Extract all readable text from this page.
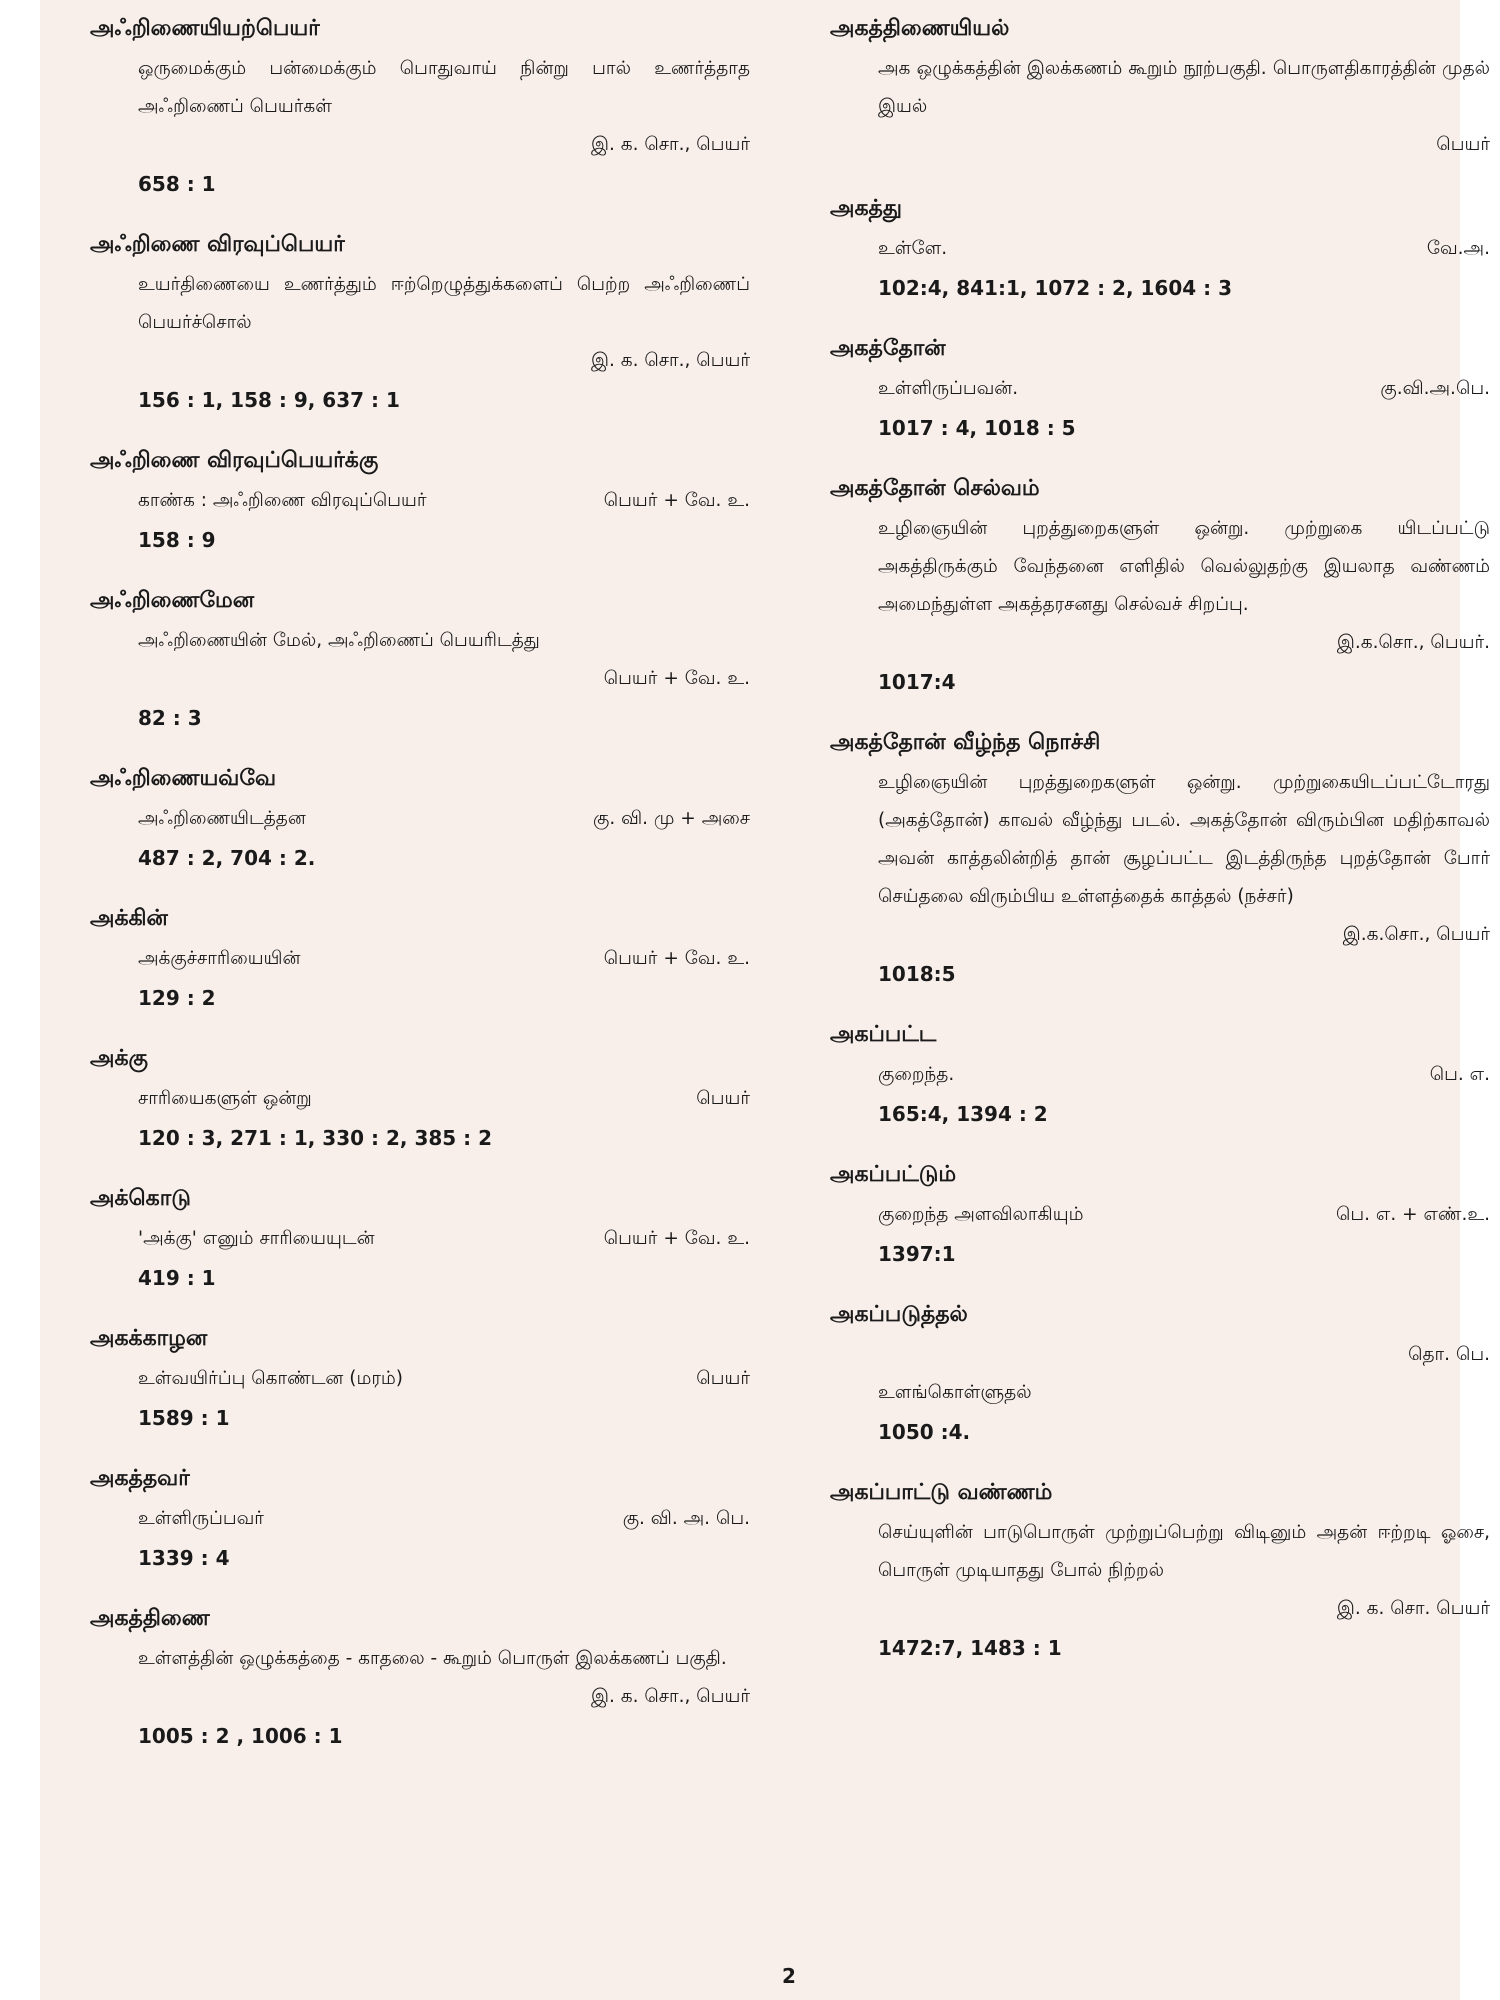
அஃறிணையியற்பெயர்
ஒருமைக்கும் பன்மைக்கும் பொதுவாய் நின்று பால் உணர்த்தாத அஃறிணைப் பெயர்கள்
இ. க. சொ., பெயர்
658 : 1
அஃறிணை விரவுப்பெயர்
உயர்திணையை உணர்த்தும் ஈற்றெழுத்துக்களைப் பெற்ற அஃறிணைப் பெயர்ச்சொல்
இ. க. சொ., பெயர்
156 : 1, 158 : 9, 637 : 1
அஃறிணை விரவுப்பெயர்க்கு
காண்க : அஃறிணை விரவுப்பெயர்	பெயர் + வே. உ.
158 : 9
அஃறிணைமேன
அஃறிணையின் மேல், அஃறிணைப் பெயரிடத்து
பெயர் + வே. உ.
82 : 3
அஃறிணையவ்வே
அஃறிணையிடத்தன	கு. வி. மு + அசை
487 : 2, 704 : 2.
அக்கின்
அக்குச்சாரியையின்	பெயர் + வே. உ.
129 : 2
அக்கு
சாரியைகளுள் ஒன்று	பெயர்
120 : 3, 271 : 1, 330 : 2, 385 : 2
அக்கொடு
'அக்கு' எனும் சாரியையுடன்	பெயர் + வே. உ.
419 : 1
அகக்காழன
உள்வயிர்ப்பு கொண்டன (மரம்)	பெயர்
1589 : 1
அகத்தவர்
உள்ளிருப்பவர்	கு. வி. அ. பெ.
1339 : 4
அகத்திணை
உள்ளத்தின் ஒழுக்கத்தை - காதலை - கூறும் பொருள் இலக்கணப் பகுதி.
இ. க. சொ., பெயர்
1005 : 2 , 1006 : 1
அகத்திணையியல்
அக ஒழுக்கத்தின் இலக்கணம் கூறும் நூற்பகுதி. பொருளதிகாரத்தின் முதல் இயல்
பெயர்
அகத்து
உள்ளே.	வே.அ.
102:4, 841:1, 1072 : 2, 1604 : 3
அகத்தோன்
உள்ளிருப்பவன்.	கு.வி.அ.பெ.
1017 : 4, 1018 : 5
அகத்தோன் செல்வம்
உழிஞையின் புறத்துறைகளுள் ஒன்று. முற்றுகை யிடப்பட்டு அகத்திருக்கும் வேந்தனை எளிதில் வெல்லுதற்கு இயலாத வண்ணம் அமைந்துள்ள அகத்தரசனது செல்வச் சிறப்பு.
இ.க.சொ., பெயர்.
1017:4
அகத்தோன் வீழ்ந்த நொச்சி
உழிஞையின் புறத்துறைகளுள் ஒன்று. முற்றுகையிடப்பட்டோரது (அகத்தோன்) காவல் வீழ்ந்து படல். அகத்தோன் விரும்பின மதிற்காவல் அவன் காத்தலின்றித் தான் சூழப்பட்ட இடத்திருந்த புறத்தோன் போர் செய்தலை விரும்பிய உள்ளத்தைக் காத்தல் (நச்சர்)
இ.க.சொ., பெயர்
1018:5
அகப்பட்ட
குறைந்த.	பெ. எ.
165:4, 1394 : 2
அகப்பட்டும்
குறைந்த அளவிலாகியும்	பெ. எ. + எண்.உ.
1397:1
அகப்படுத்தல்
தொ. பெ.
உளங்கொள்ளுதல்
1050 :4.
அகப்பாட்டு வண்ணம்
செய்யுளின் பாடுபொருள் முற்றுப்பெற்று விடினும் அதன் ஈற்றடி ஓசை, பொருள் முடியாதது போல் நிற்றல்
இ. க. சொ. பெயர்
1472:7, 1483 : 1
2
